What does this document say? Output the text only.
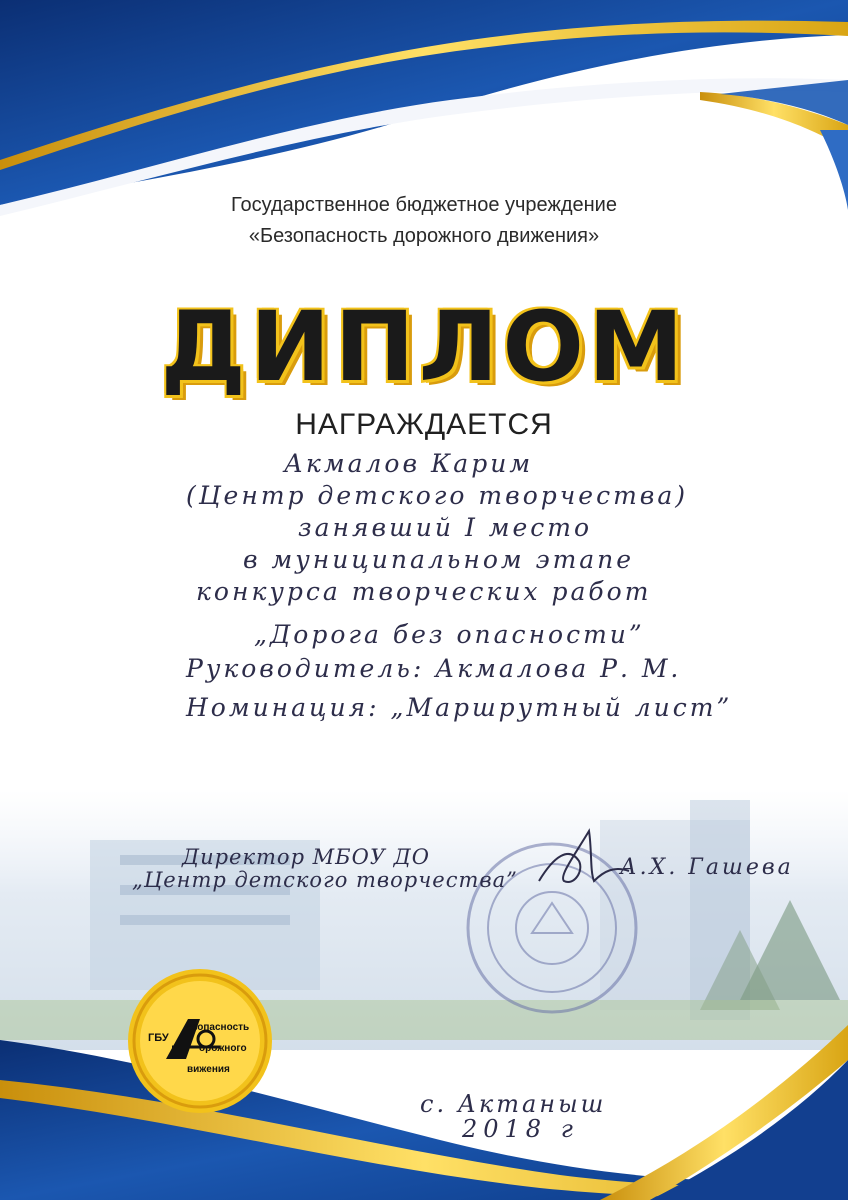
Государственное бюджетное учреждение
«Безопасность дорожного движения»
ДИПЛОМ
НАГРАЖДАЕТСЯ
Акмалов Карим
(Центр детского творчества)
занявший I место
в муниципальном этапе
конкурса творческих работ
„Дорога без опасности”
Руководитель: Акмалова Р. М.
Номинация: „Маршрутный лист”
Директор МБОУ ДО
„Центр детского творчества”	А.Х. Гашева
ГБУ
езопасность
орожного
вижения
с. Актаныш
2018 г
